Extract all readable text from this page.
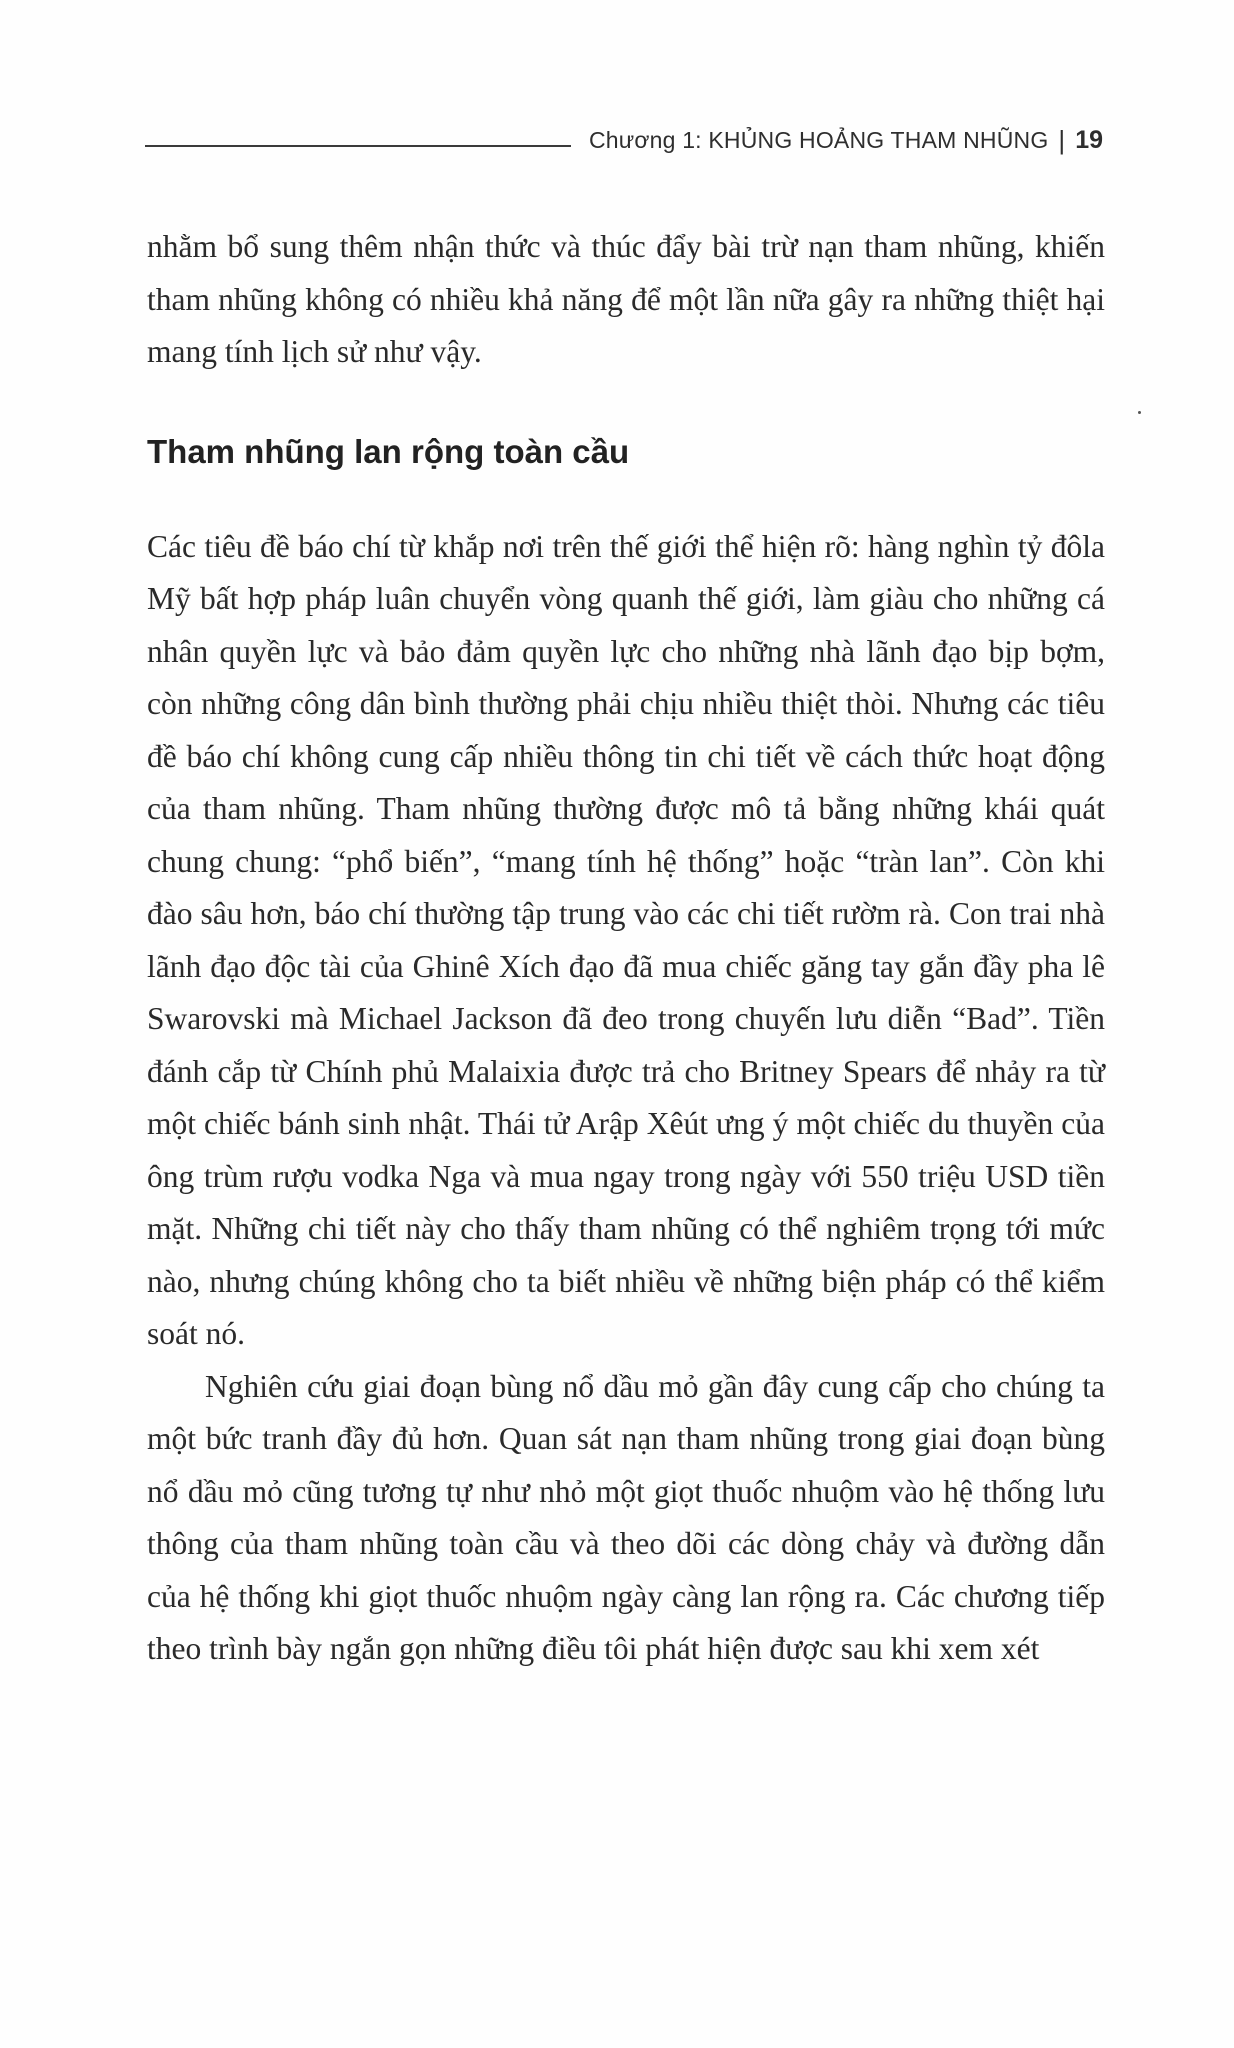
Chương 1: KHỦNG HOẢNG THAM NHŨNG | 19

nhằm bổ sung thêm nhận thức và thúc đẩy bài trừ nạn tham nhũng, khiến tham nhũng không có nhiều khả năng để một lần nữa gây ra những thiệt hại mang tính lịch sử như vậy.

Tham nhũng lan rộng toàn cầu

Các tiêu đề báo chí từ khắp nơi trên thế giới thể hiện rõ: hàng nghìn tỷ đôla Mỹ bất hợp pháp luân chuyển vòng quanh thế giới, làm giàu cho những cá nhân quyền lực và bảo đảm quyền lực cho những nhà lãnh đạo bịp bợm, còn những công dân bình thường phải chịu nhiều thiệt thòi. Nhưng các tiêu đề báo chí không cung cấp nhiều thông tin chi tiết về cách thức hoạt động của tham nhũng. Tham nhũng thường được mô tả bằng những khái quát chung chung: “phổ biến”, “mang tính hệ thống” hoặc “tràn lan”. Còn khi đào sâu hơn, báo chí thường tập trung vào các chi tiết rườm rà. Con trai nhà lãnh đạo độc tài của Ghinê Xích đạo đã mua chiếc găng tay gắn đầy pha lê Swarovski mà Michael Jackson đã đeo trong chuyến lưu diễn “Bad”. Tiền đánh cắp từ Chính phủ Malaixia được trả cho Britney Spears để nhảy ra từ một chiếc bánh sinh nhật. Thái tử Arập Xêút ưng ý một chiếc du thuyền của ông trùm rượu vodka Nga và mua ngay trong ngày với 550 triệu USD tiền mặt. Những chi tiết này cho thấy tham nhũng có thể nghiêm trọng tới mức nào, nhưng chúng không cho ta biết nhiều về những biện pháp có thể kiểm soát nó.

Nghiên cứu giai đoạn bùng nổ dầu mỏ gần đây cung cấp cho chúng ta một bức tranh đầy đủ hơn. Quan sát nạn tham nhũng trong giai đoạn bùng nổ dầu mỏ cũng tương tự như nhỏ một giọt thuốc nhuộm vào hệ thống lưu thông của tham nhũng toàn cầu và theo dõi các dòng chảy và đường dẫn của hệ thống khi giọt thuốc nhuộm ngày càng lan rộng ra. Các chương tiếp theo trình bày ngắn gọn những điều tôi phát hiện được sau khi xem xét
